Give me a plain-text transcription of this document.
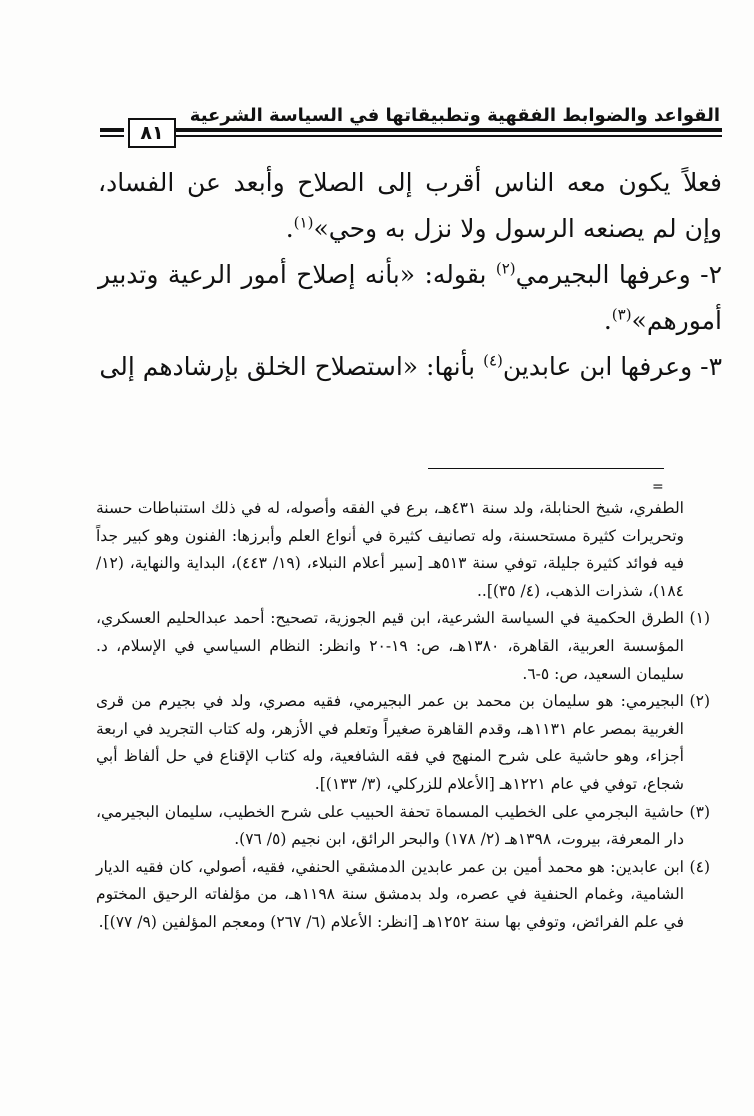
القواعد والضوابط الفقهية وتطبيقاتها في السياسة الشرعية
٨١

فعلاً يكون معه الناس أقرب إلى الصلاح وأبعد عن الفساد، وإن لم يصنعه الرسول ولا نزل به وحي»$^{(١)}$.

٢- وعرفها البجيرمي$^{(٢)}$ بقوله: «بأنه إصلاح أمور الرعية وتدبير أمورهم»$^{(٣)}$.

٣- وعرفها ابن عابدين$^{(٤)}$ بأنها: «استصلاح الخلق بإرشادهم إلى

=

الطفري، شيخ الحنابلة، ولد سنة ٤٣١هـ، برع في الفقه وأصوله، له في ذلك استنباطات حسنة وتحريرات كثيرة مستحسنة، وله تصانيف كثيرة في أنواع العلم وأبرزها: الفنون وهو كبير جداً فيه فوائد كثيرة جليلة، توفي سنة ٥١٣هـ [سير أعلام النبلاء، (١٩/ ٤٤٣)، البداية والنهاية، (١٢/ ١٨٤)، شذرات الذهب، (٤/ ٣٥)]..

(١)

الطرق الحكمية في السياسة الشرعية، ابن قيم الجوزية، تصحيح: أحمد عبدالحليم العسكري، المؤسسة العربية، القاهرة، ١٣٨٠هـ، ص: ١٩-٢٠ وانظر: النظام السياسي في الإسلام، د. سليمان السعيد، ص: ٥-٦.

(٢)

البجيرمي: هو سليمان بن محمد بن عمر البجيرمي، فقيه مصري، ولد في بجيرم من قرى الغربية بمصر عام ١١٣١هـ، وقدم القاهرة صغيراً وتعلم في الأزهر، وله كتاب التجريد في اربعة أجزاء، وهو حاشية على شرح المنهج في فقه الشافعية، وله كتاب الإقناع في حل ألفاظ أبي شجاع، توفي في عام ١٢٢١هـ [الأعلام للزركلي، (٣/ ١٣٣)].

(٣)

حاشية البجرمي على الخطيب المسماة تحفة الحبيب على شرح الخطيب، سليمان البجيرمي، دار المعرفة، بيروت، ١٣٩٨هـ (٢/ ١٧٨) والبحر الرائق، ابن نجيم (٥/ ٧٦).

(٤)

ابن عابدين: هو محمد أمين بن عمر عابدين الدمشقي الحنفي، فقيه، أصولي، كان فقيه الديار الشامية، وغمام الحنفية في عصره، ولد بدمشق سنة ١١٩٨هـ، من مؤلفاته الرحيق المختوم في علم الفرائض، وتوفي بها سنة ١٢٥٢هـ [انظر: الأعلام (٦/ ٢٦٧) ومعجم المؤلفين (٩/ ٧٧)].
